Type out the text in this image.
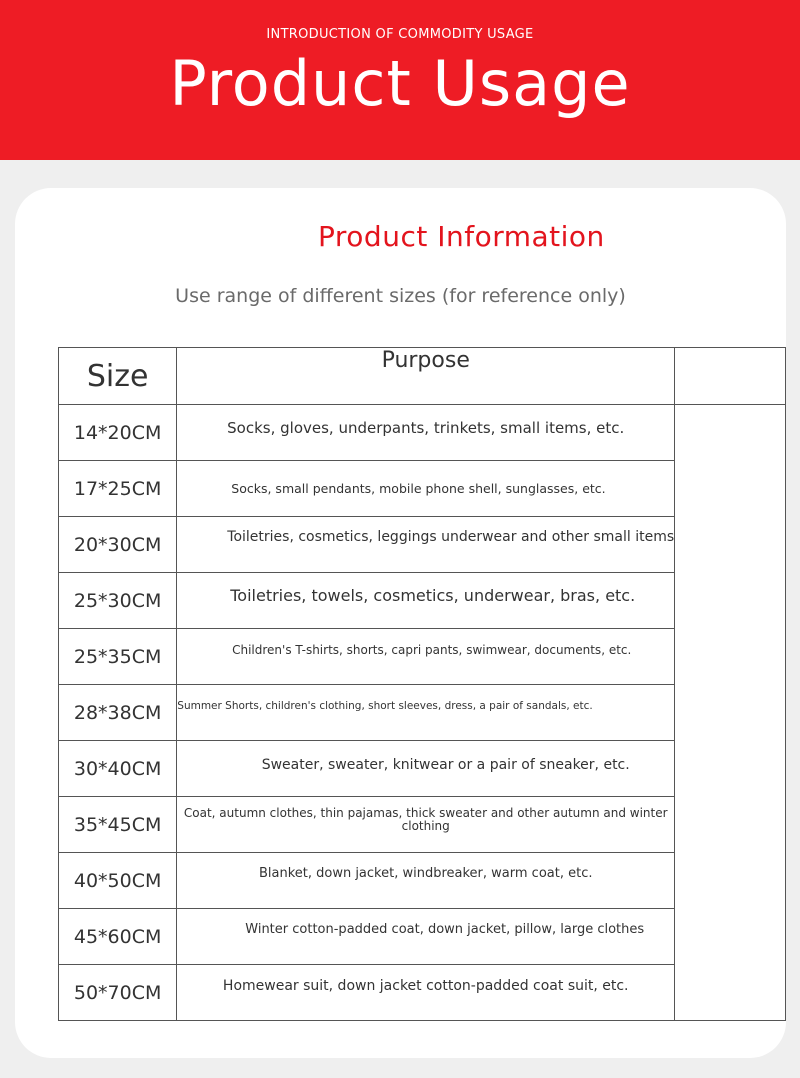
INTRODUCTION OF COMMODITY USAGE
Product Usage
Product Information
Use range of different sizes (for reference only)
Size	Purpose	
14*20CM	Socks, gloves, underpants, trinkets, small items, etc.	
17*25CM	Socks, small pendants, mobile phone shell, sunglasses, etc.	
20*30CM	Toiletries, cosmetics, leggings underwear and other small items	
25*30CM	Toiletries, towels, cosmetics, underwear, bras, etc.	
25*35CM	Children's T-shirts, shorts, capri pants, swimwear, documents, etc.	
28*38CM	Summer Shorts, children's clothing, short sleeves, dress, a pair of sandals, etc.	
30*40CM	Sweater, sweater, knitwear or a pair of sneaker, etc.	
35*45CM	Coat, autumn clothes, thin pajamas, thick sweater and other autumn and winter clothing	
40*50CM	Blanket, down jacket, windbreaker, warm coat, etc.	
45*60CM	Winter cotton-padded coat, down jacket, pillow, large clothes	
50*70CM	Homewear suit, down jacket cotton-padded coat suit, etc.	
